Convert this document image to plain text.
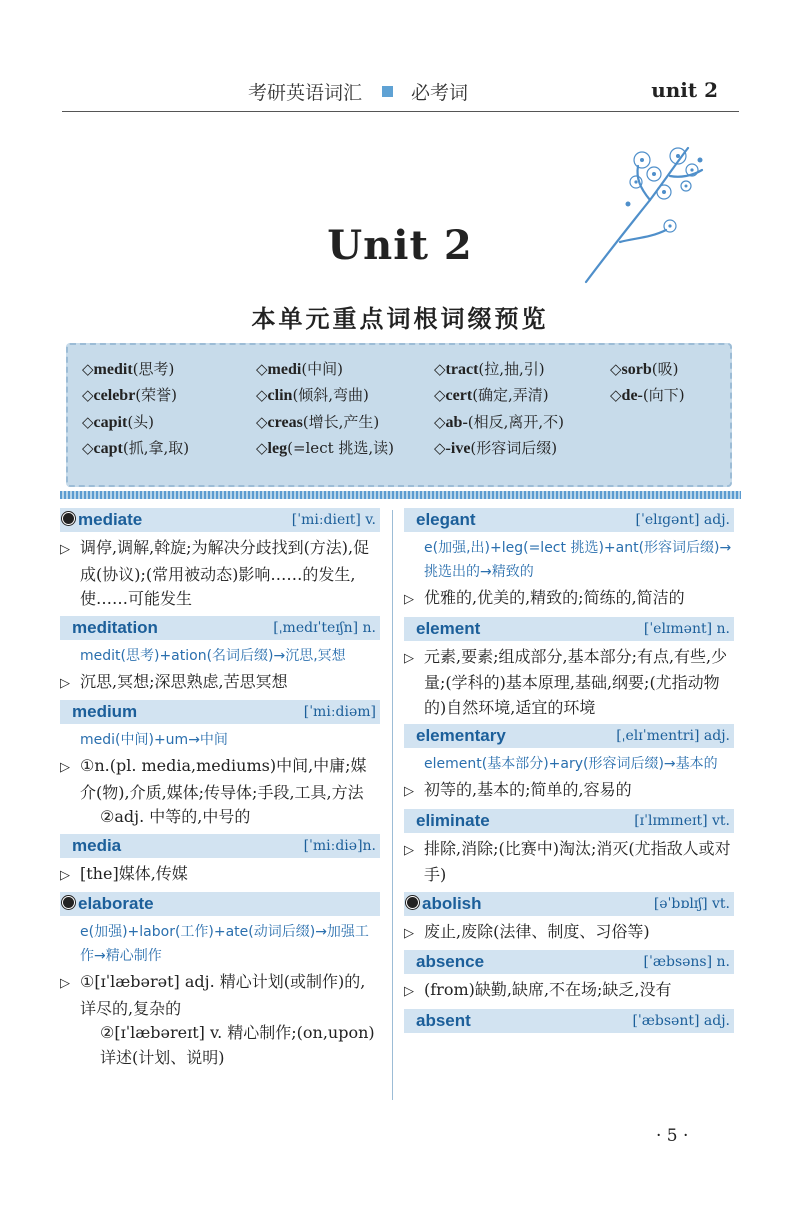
考研英语词汇	必考词	unit 2
Unit 2
本单元重点词根词缀预览
◇medit(思考)	◇medi(中间)	◇tract(拉,抽,引)	◇sorb(吸)
◇celebr(荣誉)	◇clin(倾斜,弯曲)	◇cert(确定,弄清)	◇de-(向下)
◇capit(头)	◇creas(增长,产生)	◇ab-(相反,离开,不)
◇capt(抓,拿,取)	◇leg(=lect 挑选,读)	◇-ive(形容词后缀)
mediate	[ˈmiːdieɪt] v.
▷ 调停,调解,斡旋;为解决分歧找到(方法),促成(协议);(常用被动态)影响……的发生,使……可能发生
meditation	[ˌmedɪˈteɪʃn] n.
medit(思考)+ation(名词后缀)→沉思,冥想
▷ 沉思,冥想;深思熟虑,苦思冥想
medium	[ˈmiːdiəm]
medi(中间)+um→中间
▷ ①n.(pl. media,mediums)中间,中庸;媒介(物),介质,媒体;传导体;手段,工具,方法
②adj. 中等的,中号的
media	[ˈmiːdiə]n.
▷ [the]媒体,传媒
elaborate
e(加强)+labor(工作)+ate(动词后缀)→加强工作→精心制作
▷ ①[ɪˈlæbərət] adj. 精心计划(或制作)的,详尽的,复杂的
②[ɪˈlæbəreɪt] v. 精心制作;(on,upon)详述(计划、说明)
elegant	[ˈelɪgənt] adj.
e(加强,出)+leg(=lect 挑选)+ant(形容词后缀)→挑选出的→精致的
▷ 优雅的,优美的,精致的;简练的,简洁的
element	[ˈelɪmənt] n.
▷ 元素,要素;组成部分,基本部分;有点,有些,少量;(学科的)基本原理,基础,纲要;(尤指动物的)自然环境,适宜的环境
elementary	[ˌelɪˈmentri] adj.
element(基本部分)+ary(形容词后缀)→基本的
▷ 初等的,基本的;简单的,容易的
eliminate	[ɪˈlɪmɪneɪt] vt.
▷ 排除,消除;(比赛中)淘汰;消灭(尤指敌人或对手)
abolish	[əˈbɒlɪʃ] vt.
▷ 废止,废除(法律、制度、习俗等)
absence	[ˈæbsəns] n.
▷ (from)缺勤,缺席,不在场;缺乏,没有
absent	[ˈæbsənt] adj.
· 5 ·
